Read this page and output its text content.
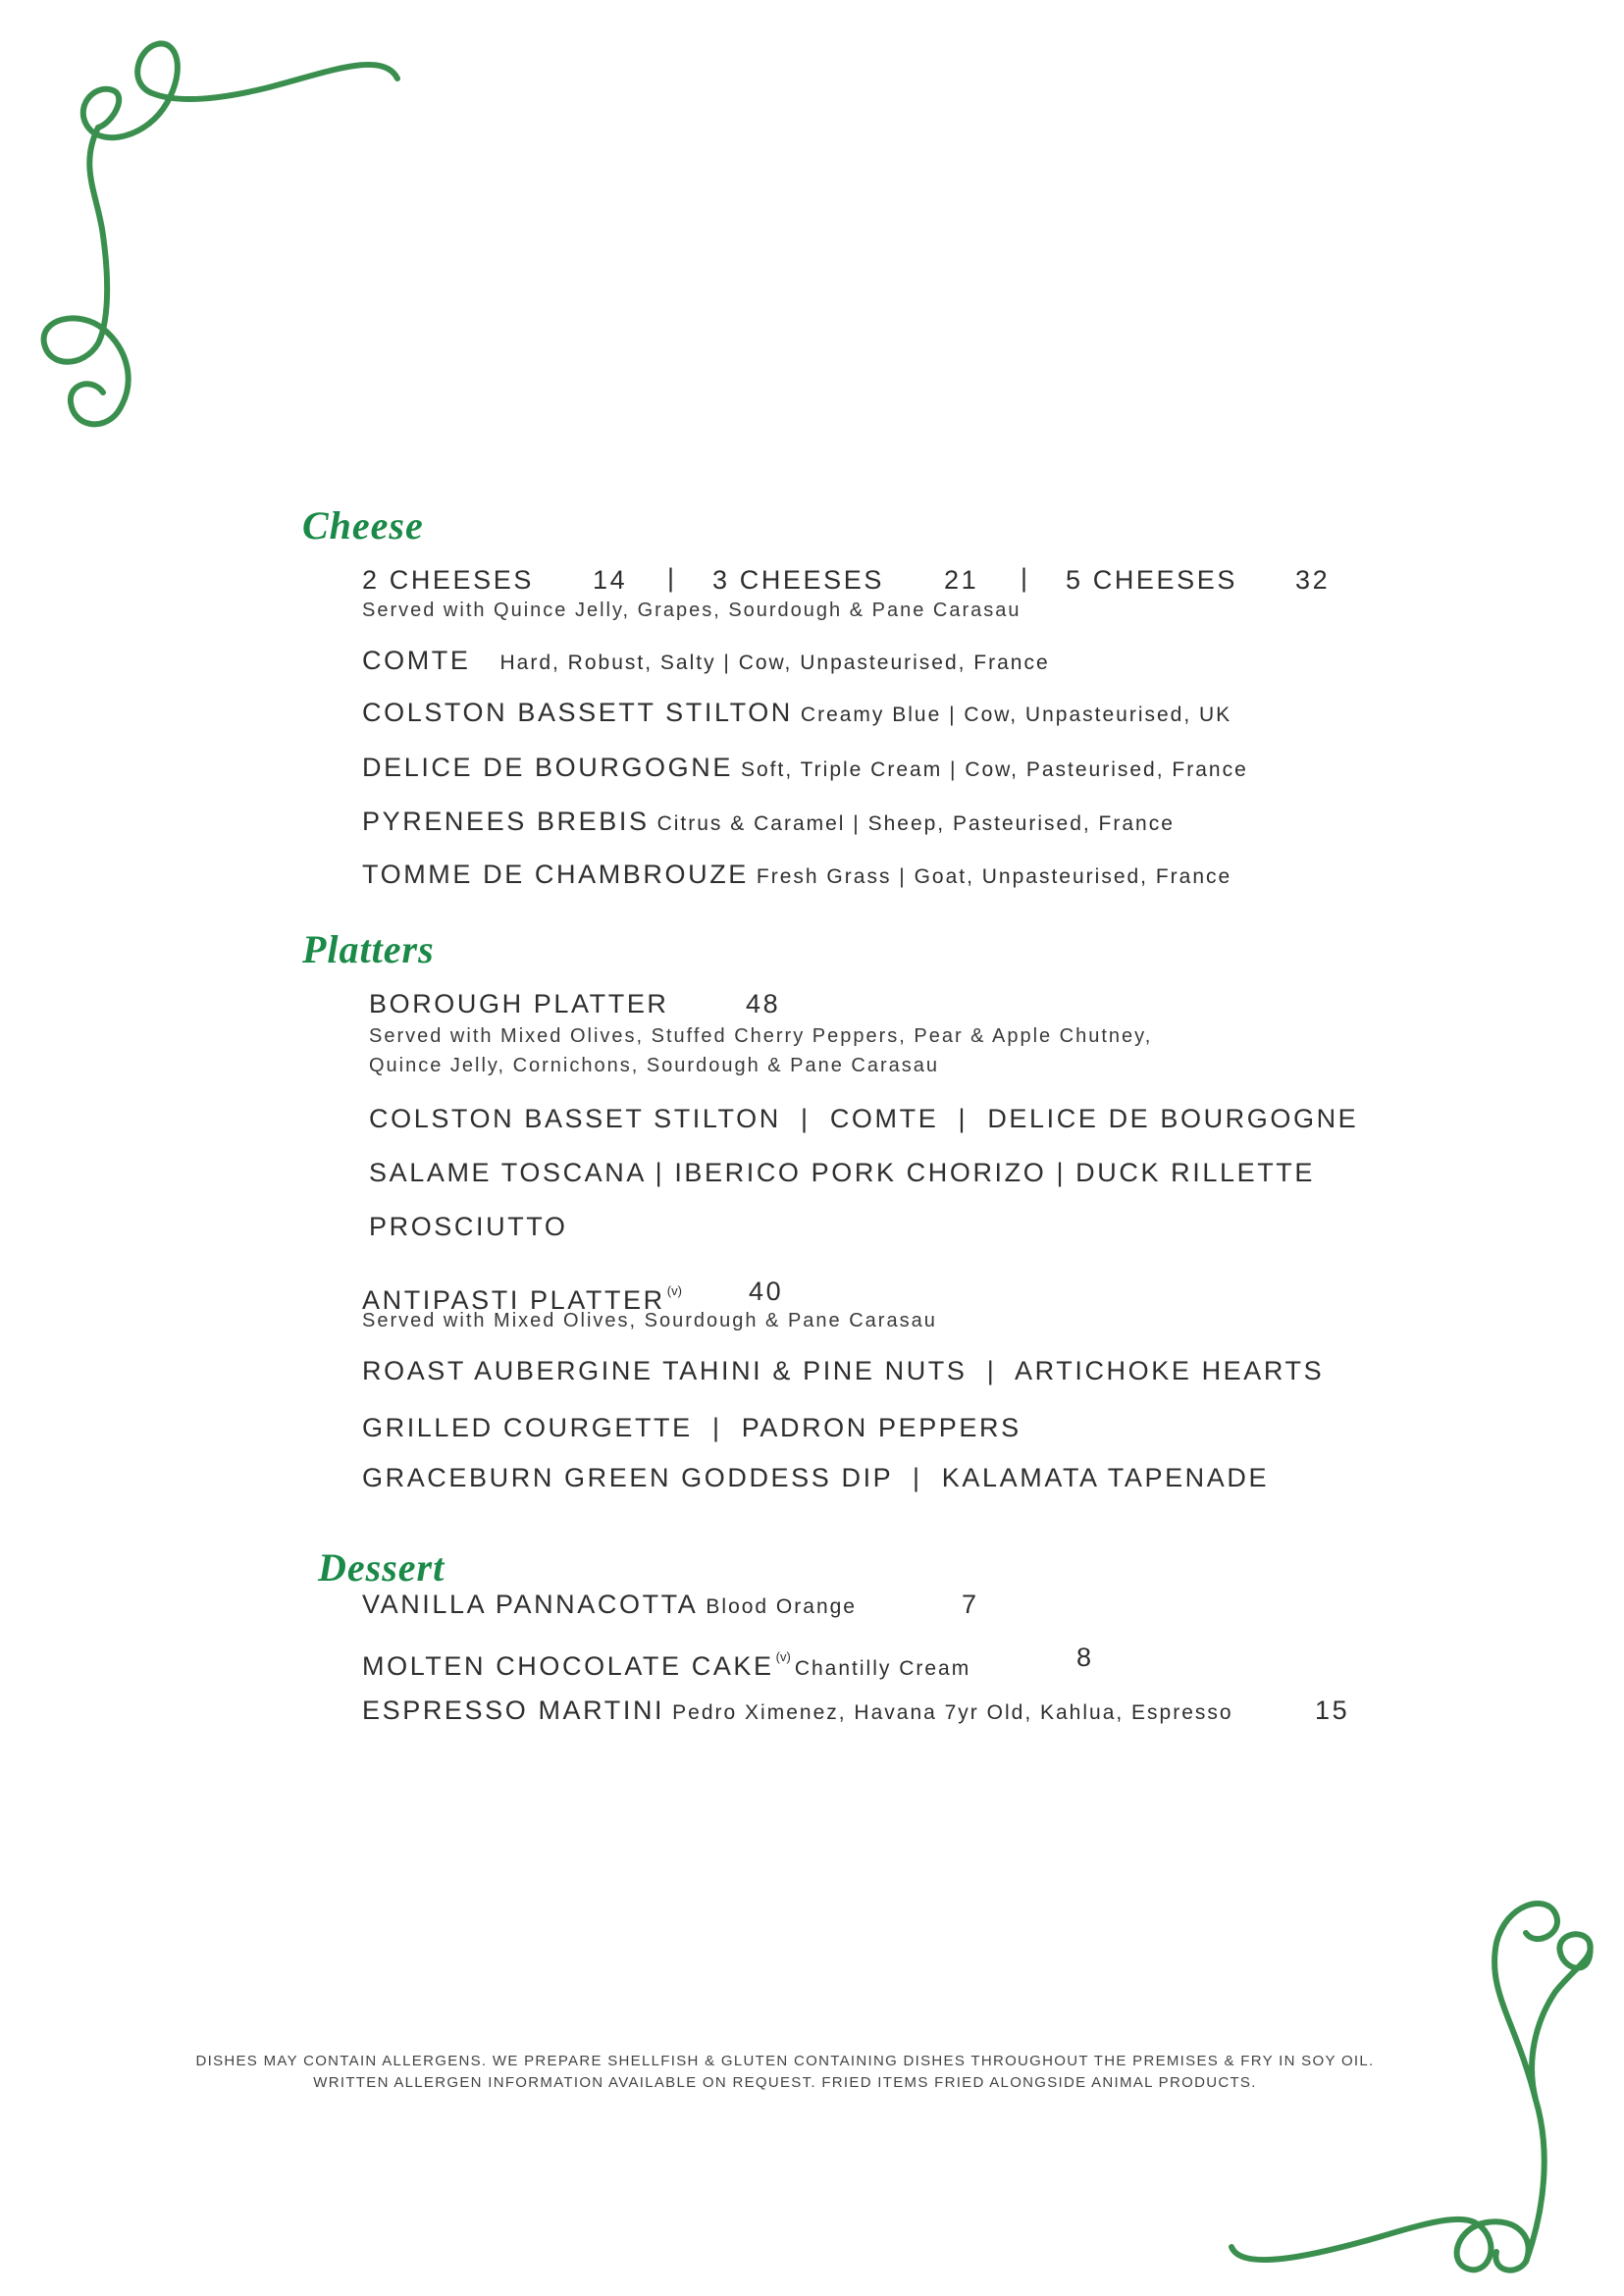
Cheese
2 CHEESES 14 | 3 CHEESES 21 | 5 CHEESES 32
Served with Quince Jelly, Grapes, Sourdough & Pane Carasau
COMTE Hard, Robust, Salty | Cow, Unpasteurised, France
COLSTON BASSETT STILTON Creamy Blue | Cow, Unpasteurised, UK
DELICE DE BOURGOGNE Soft, Triple Cream | Cow, Pasteurised, France
PYRENEES BREBIS Citrus & Caramel | Sheep, Pasteurised, France
TOMME DE CHAMBROUZE Fresh Grass | Goat, Unpasteurised, France
Platters
BOROUGH PLATTER	48
Served with Mixed Olives, Stuffed Cherry Peppers, Pear & Apple Chutney,
Quince Jelly, Cornichons, Sourdough & Pane Carasau
COLSTON BASSET STILTON  |  COMTE  |  DELICE DE BOURGOGNE
SALAME TOSCANA | IBERICO PORK CHORIZO | DUCK RILLETTE
PROSCIUTTO
ANTIPASTI PLATTER $^{(v)}$	40
Served with Mixed Olives, Sourdough & Pane Carasau
ROAST AUBERGINE TAHINI & PINE NUTS  |  ARTICHOKE HEARTS
GRILLED COURGETTE  |  PADRON PEPPERS
GRACEBURN GREEN GODDESS DIP  |  KALAMATA TAPENADE
Dessert
VANILLA PANNACOTTA Blood Orange	7
MOLTEN CHOCOLATE CAKE $^{(v)}$Chantilly Cream	8
ESPRESSO MARTINI Pedro Ximenez, Havana 7yr Old, Kahlua, Espresso	15
DISHES MAY CONTAIN ALLERGENS. WE PREPARE SHELLFISH & GLUTEN CONTAINING DISHES THROUGHOUT THE PREMISES & FRY IN SOY OIL.
WRITTEN ALLERGEN INFORMATION AVAILABLE ON REQUEST. FRIED ITEMS FRIED ALONGSIDE ANIMAL PRODUCTS.
